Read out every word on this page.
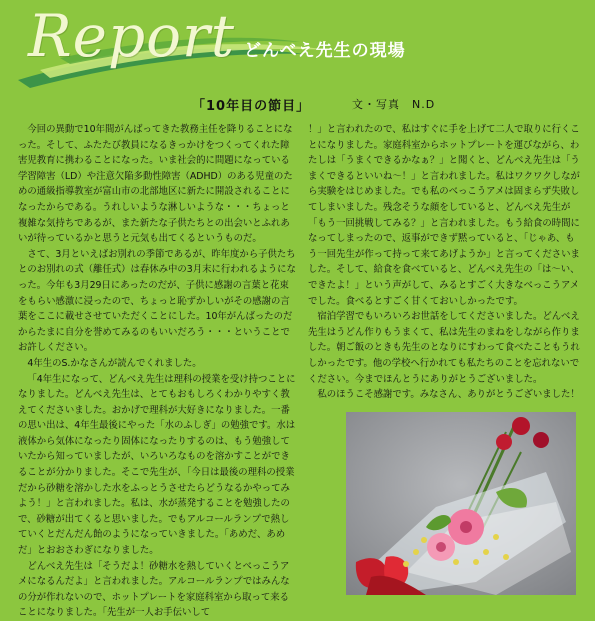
Report どんべえ先生の現場
「10年目の節目」	文・写真　N.D

今回の異動で10年間がんばってきた教務主任を降りることになった。そして、ふたたび教員になるきっかけをつくってくれた障害児教育に携わることになった。いま社会的に問題になっている学習障害（LD）や注意欠陥多動性障害（ADHD）のある児童のための通級指導教室が富山市の北部地区に新たに開設されることになったからである。うれしいような淋しいような・・・ちょっと複雑な気持ちであるが、また新たな子供たちとの出会いとふれあいが待っているかと思うと元気も出てくるというものだ。

さて、3月といえばお別れの季節であるが、昨年度から子供たちとのお別れの式（離任式）は春休み中の3月末に行われるようになった。今年も3月29日にあったのだが、子供に感謝の言葉と花束をもらい感激に浸ったので、ちょっと恥ずかしいがその感謝の言葉をここに載せさせていただくことにした。10年がんばったのだからたまに自分を誉めてみるのもいいだろう・・・ということでお許しください。

4年生のS.かなさんが読んでくれました。

「4年生になって、どんべえ先生は理科の授業を受け持つことになりました。どんべえ先生は、とてもおもしろくわかりやすく教えてくださいました。おかげで理科が大好きになりました。一番の思い出は、4年生最後にやった「水のふしぎ」の勉強です。水は液体から気体になったり固体になったりするのは、もう勉強していたから知っていましたが、いろいろなものを溶かすことができることが分かりました。そこで先生が、「今日は最後の理科の授業だから砂糖を溶かした水をふっとうさせたらどうなるかやってみよう！」と言われました。私は、水が蒸発することを勉強したので、砂糖が出てくると思いました。でもアルコールランプで熱していくとだんだん飴のようになっていきました。「あめだ、あめだ」とおおさわぎになりました。

どんべえ先生は「そうだよ！砂糖水を熱していくとべっこうアメになるんだよ」と言われました。アルコールランプではみんなの分が作れないので、ホットプレートを家庭科室から取って来ることになりました。「先生が一人お手伝いして

！」と言われたので、私はすぐに手を上げて二人で取りに行くことになりました。家庭科室からホットプレートを運びながら、わたしは「うまくできるかなぁ？」と聞くと、どんべえ先生は「うまくできるといいね～！」と言われました。私はワクワクしながら実験をはじめました。でも私のべっこうアメは固まらず失敗してしまいました。残念そうな顔をしていると、どんべえ先生が「もう一回挑戦してみる？」と言われました。もう給食の時間になってしまったので、返事ができず黙っていると、「じゃあ、もう一回先生が作って持って来てあげようか」と言ってくださいました。そして、給食を食べていると、どんべえ先生の「は～い、できたよ！」という声がして、みるとすごく大きなべっこうアメでした。食べるとすごく甘くておいしかったです。

宿泊学習でもいろいろお世話をしてくださいました。どんべえ先生はうどん作りもうまくて、私は先生のまねをしながら作りました。朝ご飯のときも先生のとなりにすわって食べたこともうれしかったです。他の学校へ行かれても私たちのことを忘れないでください。今までほんとうにありがとうございました。

私のほうこそ感謝です。みなさん、ありがとうございました！
